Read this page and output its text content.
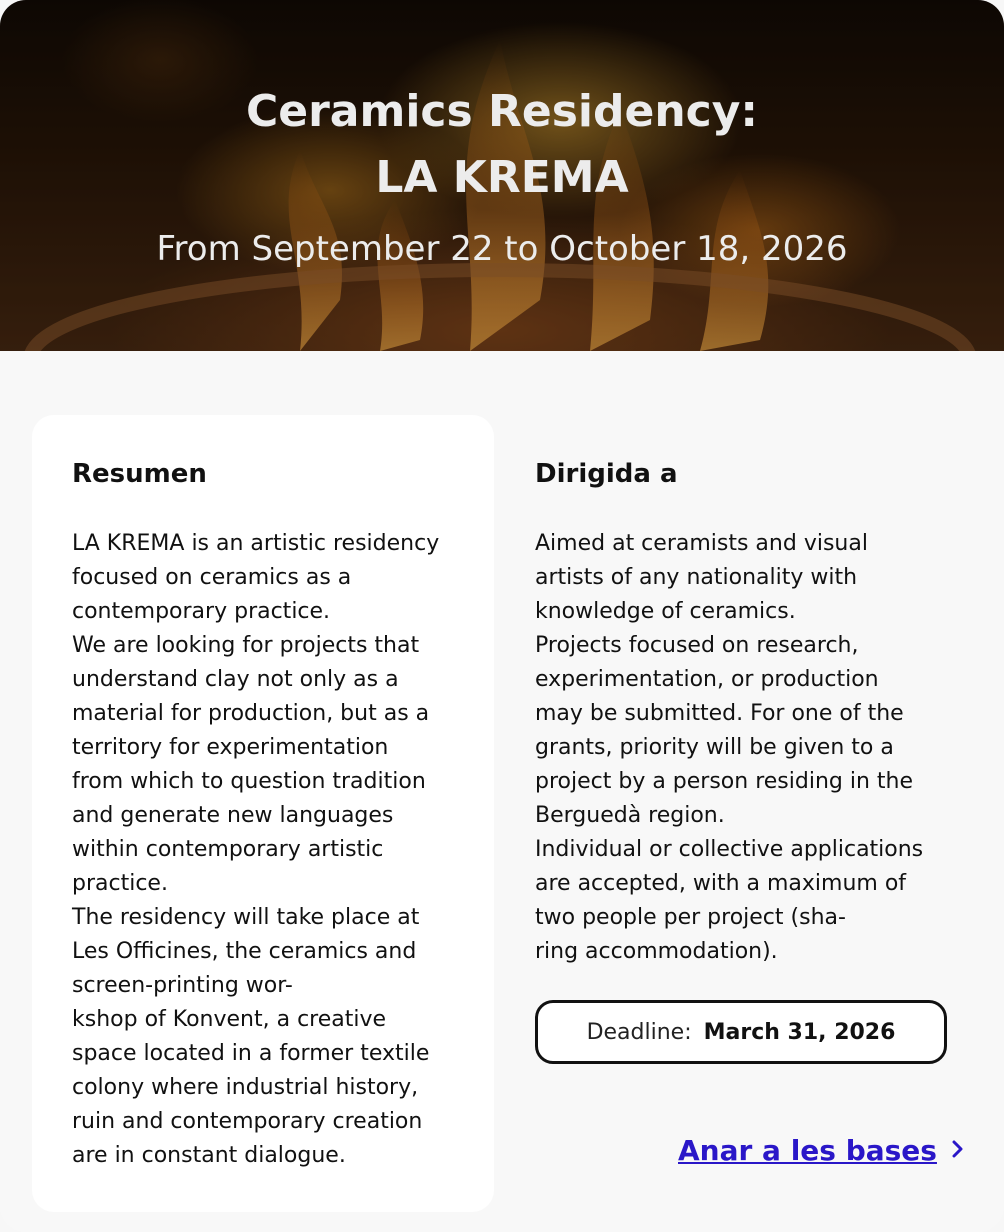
Ceramics Residency:
LA KREMA
From September 22 to October 18, 2026
Resumen

LA KREMA is an artistic residency
focused on ceramics as a
contemporary practice.
We are looking for projects that
understand clay not only as a
material for production, but as a
territory for experimentation
from which to question tradition
and generate new languages
within contemporary artistic
practice.
The residency will take place at
Les Officines, the ceramics and
screen-printing wor-
kshop of Konvent, a creative
space located in a former textile
colony where industrial history,
ruin and contemporary creation
are in constant dialogue.

Dirigida a

Aimed at ceramists and visual
artists of any nationality with
knowledge of ceramics.
Projects focused on research,
experimentation, or production
may be submitted. For one of the
grants, priority will be given to a
project by a person residing in the
Berguedà region.
Individual or collective applications
are accepted, with a maximum of
two people per project (sha-
ring accommodation).

Deadline: March 31, 2026
Anar a les bases
